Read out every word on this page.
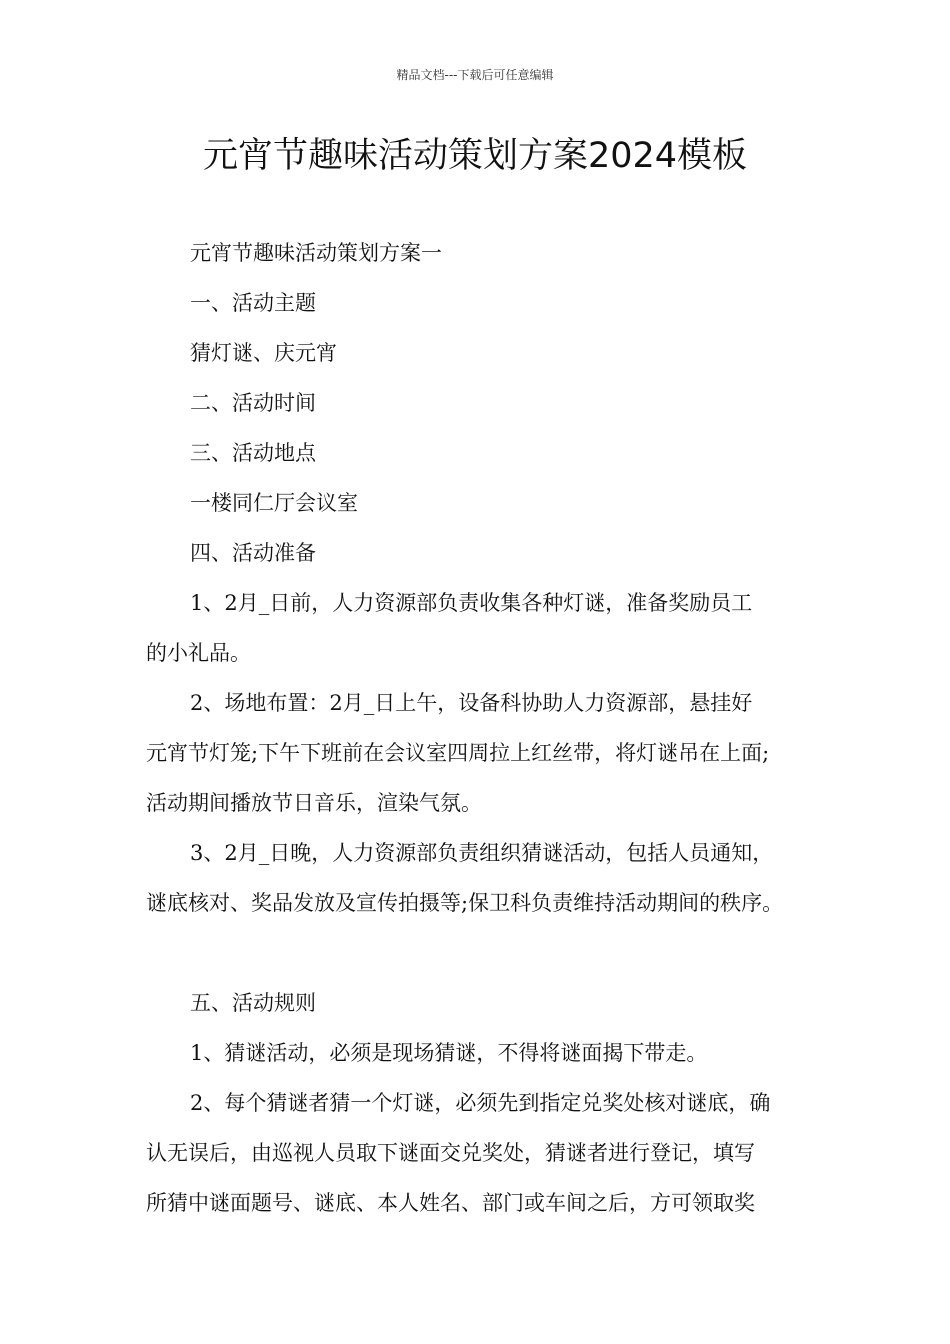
精品文档---下载后可任意编辑
元宵节趣味活动策划方案2024模板

元宵节趣味活动策划方案一

一、活动主题

猜灯谜、庆元宵

二、活动时间

三、活动地点

一楼同仁厅会议室

四、活动准备

1、2月_日前，人力资源部负责收集各种灯谜，准备奖励员工

的小礼品。

2、场地布置：2月_日上午，设备科协助人力资源部，悬挂好

元宵节灯笼;下午下班前在会议室四周拉上红丝带，将灯谜吊在上面;

活动期间播放节日音乐，渲染气氛。

3、2月_日晚，人力资源部负责组织猜谜活动，包括人员通知，

谜底核对、奖品发放及宣传拍摄等;保卫科负责维持活动期间的秩序。

五、活动规则

1、猜谜活动，必须是现场猜谜，不得将谜面揭下带走。

2、每个猜谜者猜一个灯谜，必须先到指定兑奖处核对谜底，确

认无误后，由巡视人员取下谜面交兑奖处，猜谜者进行登记，填写

所猜中谜面题号、谜底、本人姓名、部门或车间之后，方可领取奖
